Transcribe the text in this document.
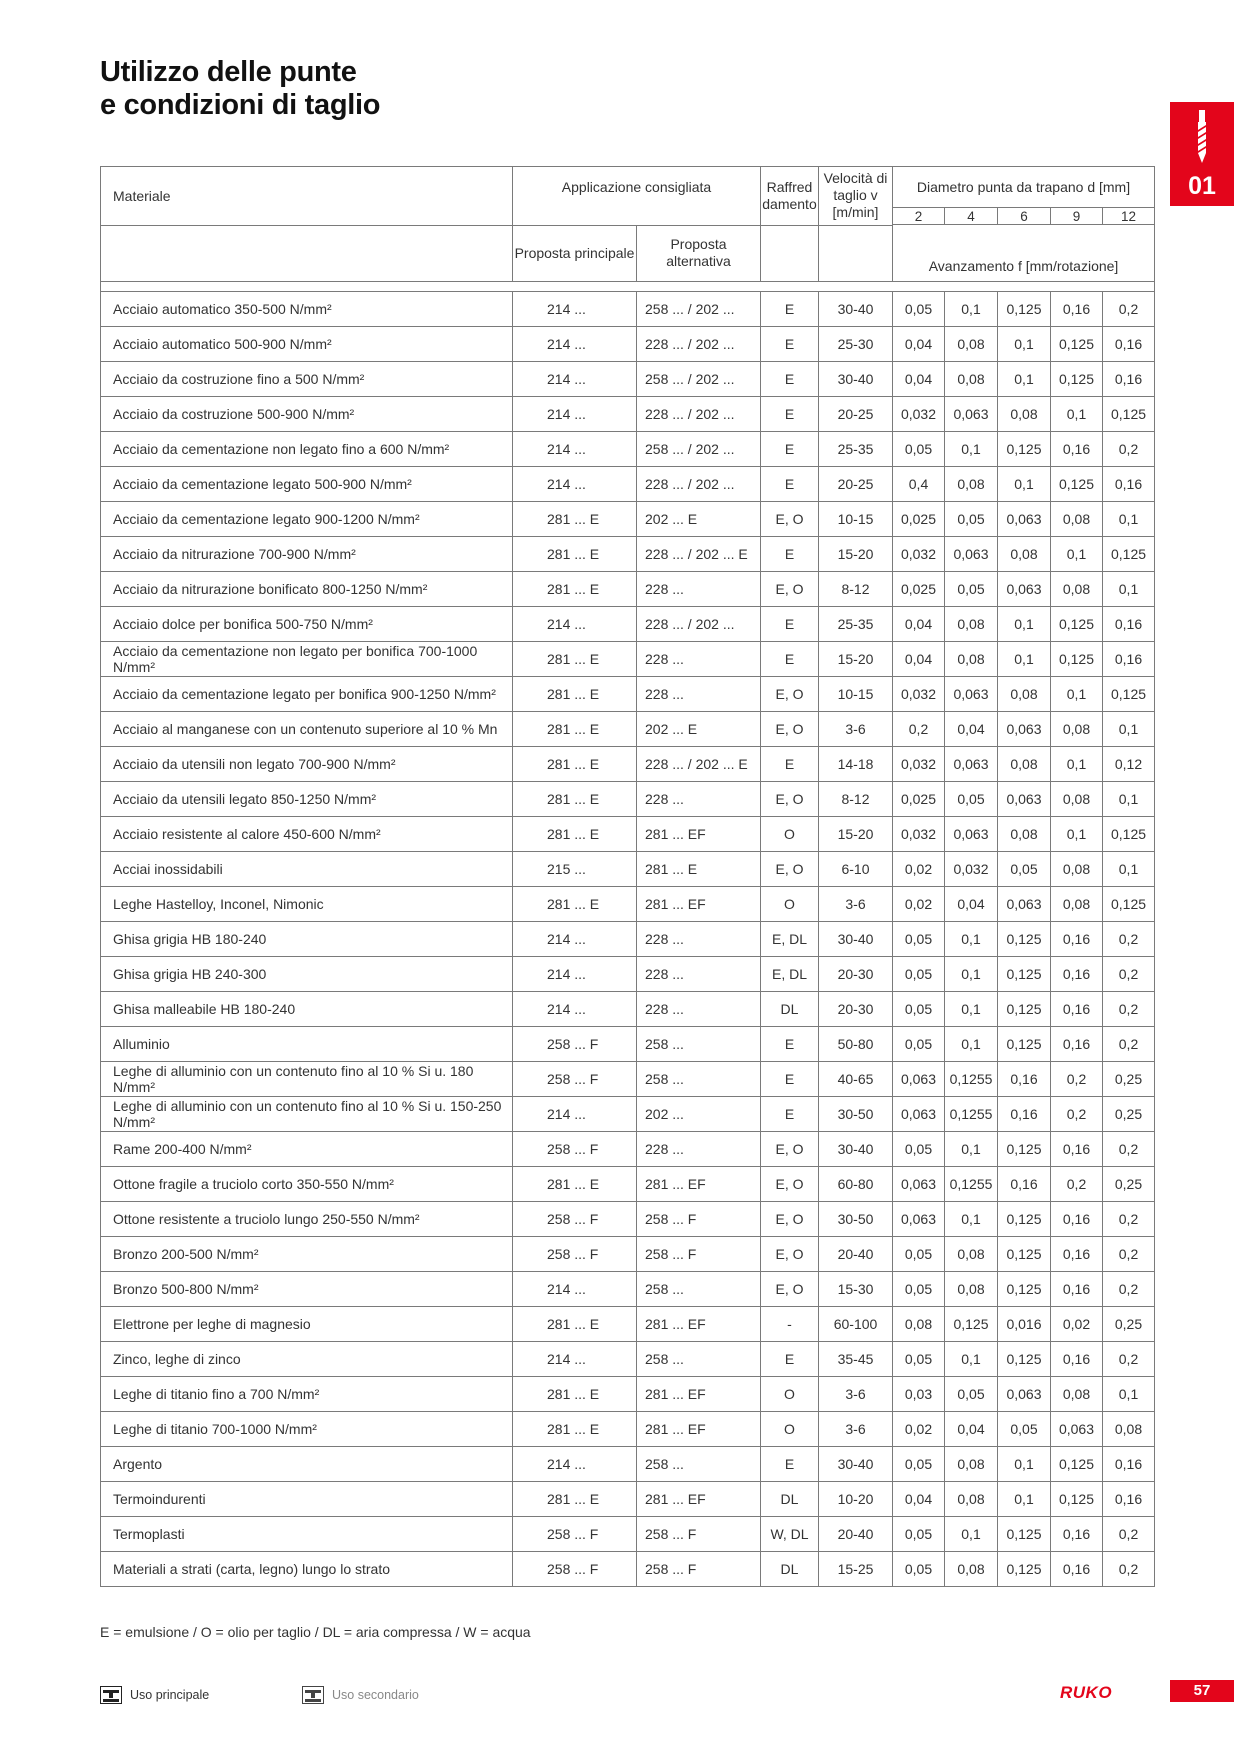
Utilizzo delle punte
e condizioni di taglio
01
Materiale	Applicazione consigliata		Raffred damento	Velocità di taglio v [m/min]	Diametro punta da trapano d [mm]				
					2	4	6	9	12

	Proposta principale	Proposta alternativa			Avanzamento f [mm/rotazione]				

Acciaio automatico 350-500 N/mm²	214 ...	258 ... / 202 ...	E	30-40	0,05	0,1	0,125	0,16	0,2
Acciaio automatico 500-900 N/mm²	214 ...	228 ... / 202 ...	E	25-30	0,04	0,08	0,1	0,125	0,16
Acciaio da costruzione fino a 500 N/mm²	214 ...	258 ... / 202 ...	E	30-40	0,04	0,08	0,1	0,125	0,16
Acciaio da costruzione 500-900 N/mm²	214 ...	228 ... / 202 ...	E	20-25	0,032	0,063	0,08	0,1	0,125
Acciaio da cementazione non legato fino a 600 N/mm²	214 ...	258 ... / 202 ...	E	25-35	0,05	0,1	0,125	0,16	0,2
Acciaio da cementazione legato 500-900 N/mm²	214 ...	228 ... / 202 ...	E	20-25	0,4	0,08	0,1	0,125	0,16
Acciaio da cementazione legato 900-1200 N/mm²	281 ... E	202 ... E	E, O	10-15	0,025	0,05	0,063	0,08	0,1
Acciaio da nitrurazione 700-900 N/mm²	281 ... E	228 ... / 202 ... E	E	15-20	0,032	0,063	0,08	0,1	0,125
Acciaio da nitrurazione bonificato 800-1250 N/mm²	281 ... E	228 ...	E, O	8-12	0,025	0,05	0,063	0,08	0,1
Acciaio dolce per bonifica 500-750 N/mm²	214 ...	228 ... / 202 ...	E	25-35	0,04	0,08	0,1	0,125	0,16
Acciaio da cementazione non legato per bonifica 700-1000 N/mm²	281 ... E	228 ...	E	15-20	0,04	0,08	0,1	0,125	0,16
Acciaio da cementazione legato per bonifica 900-1250 N/mm²	281 ... E	228 ...	E, O	10-15	0,032	0,063	0,08	0,1	0,125
Acciaio al manganese con un contenuto superiore al 10 % Mn	281 ... E	202 ... E	E, O	3-6	0,2	0,04	0,063	0,08	0,1
Acciaio da utensili non legato 700-900 N/mm²	281 ... E	228 ... / 202 ... E	E	14-18	0,032	0,063	0,08	0,1	0,12
Acciaio da utensili legato 850-1250 N/mm²	281 ... E	228 ...	E, O	8-12	0,025	0,05	0,063	0,08	0,1
Acciaio resistente al calore 450-600 N/mm²	281 ... E	281 ... EF	O	15-20	0,032	0,063	0,08	0,1	0,125
Acciai inossidabili	215 ...	281 ... E	E, O	6-10	0,02	0,032	0,05	0,08	0,1
Leghe Hastelloy, Inconel, Nimonic	281 ... E	281 ... EF	O	3-6	0,02	0,04	0,063	0,08	0,125
Ghisa grigia HB 180-240	214 ...	228 ...	E, DL	30-40	0,05	0,1	0,125	0,16	0,2
Ghisa grigia HB 240-300	214 ...	228 ...	E, DL	20-30	0,05	0,1	0,125	0,16	0,2
Ghisa malleabile HB 180-240	214 ...	228 ...	DL	20-30	0,05	0,1	0,125	0,16	0,2
Alluminio	258 ... F	258 ...	E	50-80	0,05	0,1	0,125	0,16	0,2
Leghe di alluminio con un contenuto fino al 10 % Si u. 180 N/mm²	258 ... F	258 ...	E	40-65	0,063	0,1255	0,16	0,2	0,25
Leghe di alluminio con un contenuto fino al 10 % Si u. 150-250 N/mm²	214 ...	202 ...	E	30-50	0,063	0,1255	0,16	0,2	0,25
Rame 200-400 N/mm²	258 ... F	228 ...	E, O	30-40	0,05	0,1	0,125	0,16	0,2
Ottone fragile a truciolo corto 350-550 N/mm²	281 ... E	281 ... EF	E, O	60-80	0,063	0,1255	0,16	0,2	0,25
Ottone resistente a truciolo lungo 250-550 N/mm²	258 ... F	258 ... F	E, O	30-50	0,063	0,1	0,125	0,16	0,2
Bronzo 200-500 N/mm²	258 ... F	258 ... F	E, O	20-40	0,05	0,08	0,125	0,16	0,2
Bronzo 500-800 N/mm²	214 ...	258 ...	E, O	15-30	0,05	0,08	0,125	0,16	0,2
Elettrone per leghe di magnesio	281 ... E	281 ... EF	-	60-100	0,08	0,125	0,016	0,02	0,25
Zinco, leghe di zinco	214 ...	258 ...	E	35-45	0,05	0,1	0,125	0,16	0,2
Leghe di titanio fino a 700 N/mm²	281 ... E	281 ... EF	O	3-6	0,03	0,05	0,063	0,08	0,1
Leghe di titanio 700-1000 N/mm²	281 ... E	281 ... EF	O	3-6	0,02	0,04	0,05	0,063	0,08
Argento	214 ...	258 ...	E	30-40	0,05	0,08	0,1	0,125	0,16
Termoindurenti	281 ... E	281 ... EF	DL	10-20	0,04	0,08	0,1	0,125	0,16
Termoplasti	258 ... F	258 ... F	W, DL	20-40	0,05	0,1	0,125	0,16	0,2
Materiali a strati (carta, legno) lungo lo strato	258 ... F	258 ... F	DL	15-25	0,05	0,08	0,125	0,16	0,2
E = emulsione / O = olio per taglio / DL = aria compressa / W = acqua
Uso principale	Uso secondario	RUKO	57
